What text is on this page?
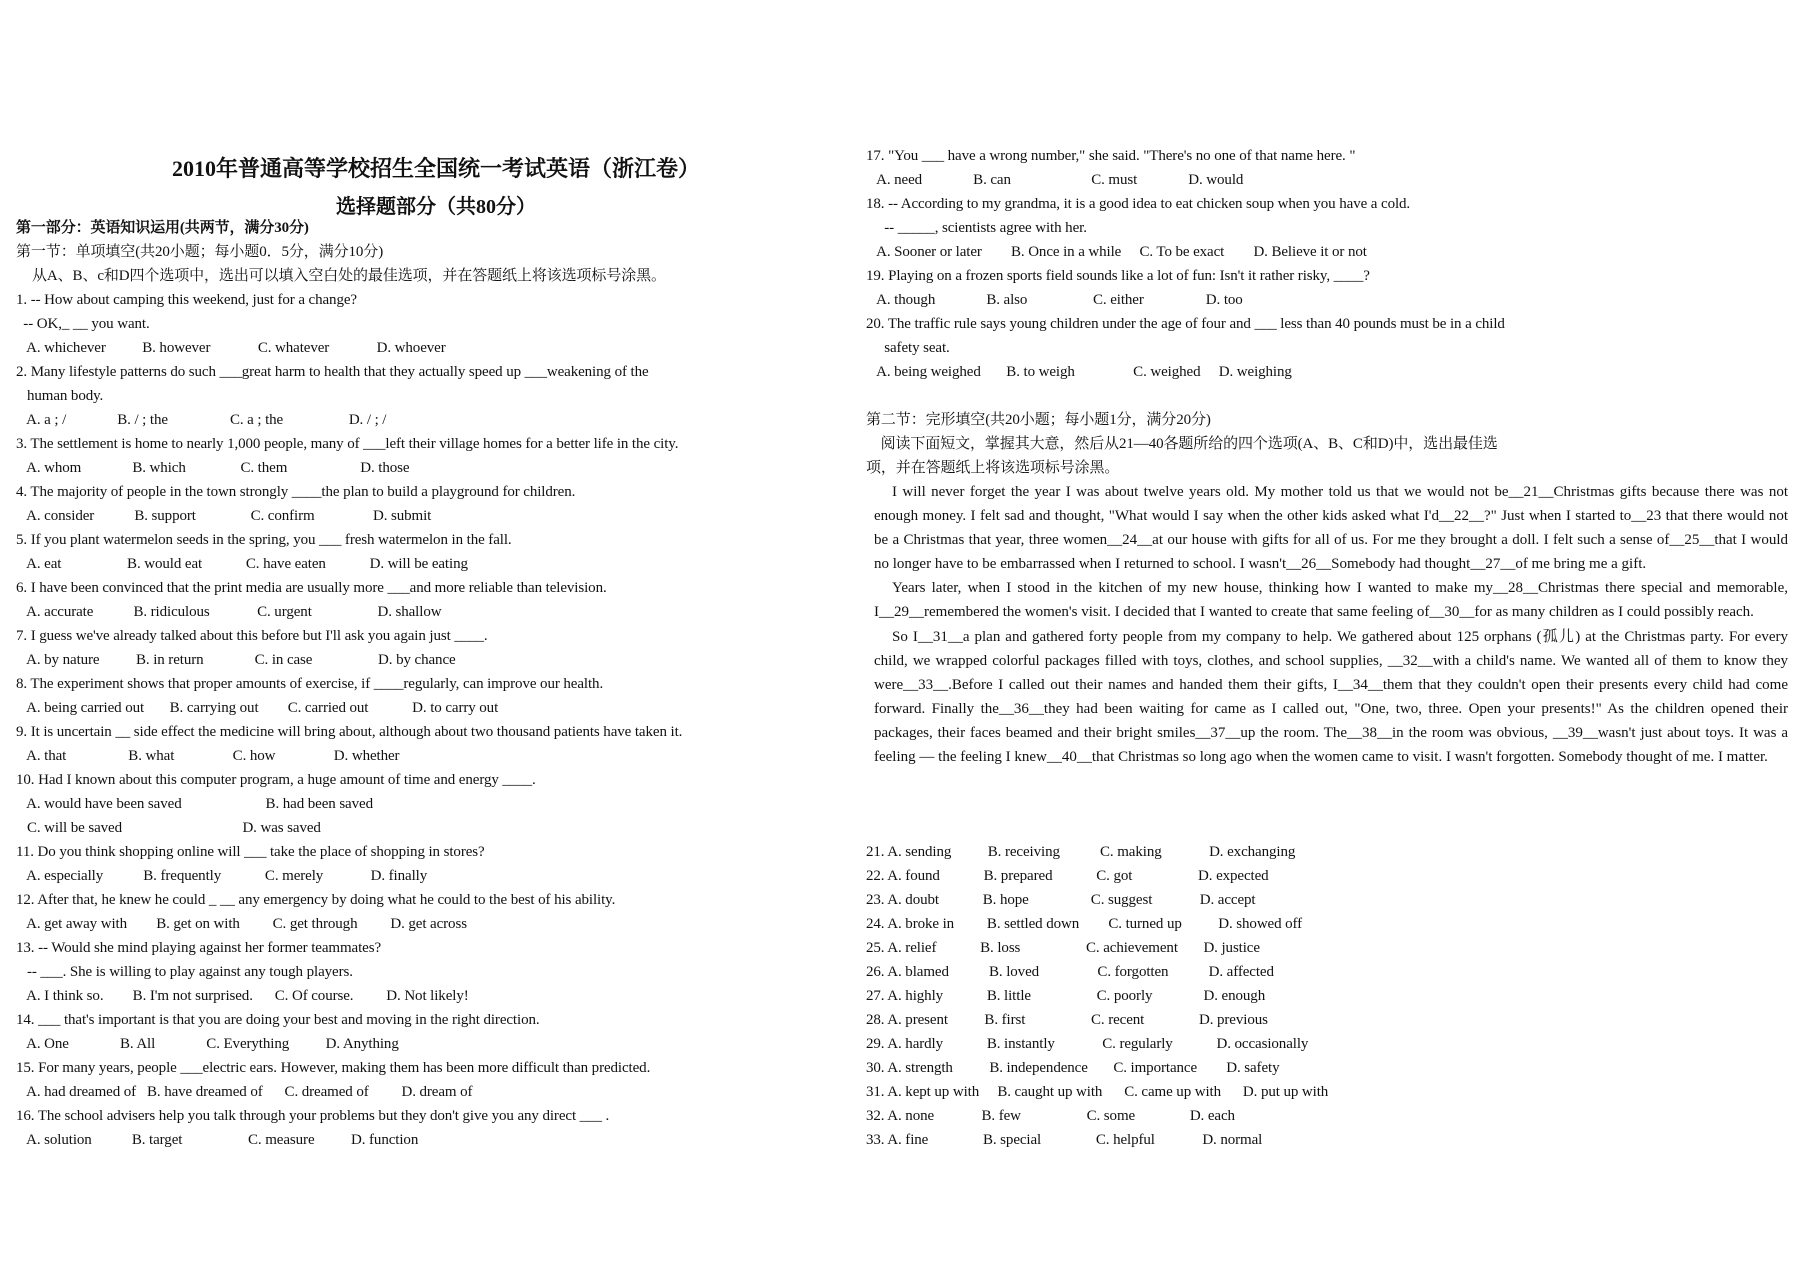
2010年普通高等学校招生全国统一考试英语（浙江卷）
选择题部分（共80分）
第一部分：英语知识运用(共两节，满分30分)
第一节：单项填空(共20小题；每小题0．5分，满分10分)
从A、B、c和D四个选项中，选出可以填入空白处的最佳选项，并在答题纸上将该选项标号涂黑。
1. -- How about camping this weekend, just for a change?
-- OK,_ __ you want.
A. whichever          B. however             C. whatever             D. whoever
2. Many lifestyle patterns do such ___great harm to health that they actually speed up ___weakening of the
human body.
A. a ; /              B. / ; the                 C. a ; the                  D. / ; /
3. The settlement is home to nearly 1,000 people, many of ___left their village homes for a better life in the city.
A. whom              B. which               C. them                    D. those
4. The majority of people in the town strongly ____the plan to build a playground for children.
A. consider           B. support               C. confirm                D. submit
5. If you plant watermelon seeds in the spring, you ___ fresh watermelon in the fall.
A. eat                  B. would eat            C. have eaten            D. will be eating
6. I have been convinced that the print media are usually more ___and more reliable than television.
A. accurate           B. ridiculous             C. urgent                  D. shallow
7. I guess we've already talked about this before but I'll ask you again just ____.
A. by nature          B. in return              C. in case                  D. by chance
8. The experiment shows that proper amounts of exercise, if ____regularly, can improve our health.
A. being carried out       B. carrying out        C. carried out            D. to carry out
9. It is uncertain __ side effect the medicine will bring about, although about two thousand patients have taken it.
A. that                 B. what                C. how                D. whether
10. Had I known about this computer program, a huge amount of time and energy ____.
A. would have been saved                       B. had been saved
C. will be saved                                 D. was saved
11. Do you think shopping online will ___ take the place of shopping in stores?
A. especially           B. frequently            C. merely             D. finally
12. After that, he knew he could _ __ any emergency by doing what he could to the best of his ability.
A. get away with        B. get on with         C. get through         D. get across
13. -- Would she mind playing against her former teammates?
-- ___. She is willing to play against any tough players.
A. I think so.        B. I'm not surprised.      C. Of course.         D. Not likely!
14. ___ that's important is that you are doing your best and moving in the right direction.
A. One              B. All              C. Everything          D. Anything
15. For many years, people ___electric ears. However, making them has been more difficult than predicted.
A. had dreamed of   B. have dreamed of      C. dreamed of         D. dream of
16. The school advisers help you talk through your problems but they don't give you any direct ___ .
A. solution           B. target                  C. measure          D. function
17. "You ___ have a wrong number," she said. "There's no one of that name here. "
A. need              B. can                      C. must              D. would
18. -- According to my grandma, it is a good idea to eat chicken soup when you have a cold.
-- _____, scientists agree with her.
A. Sooner or later        B. Once in a while     C. To be exact        D. Believe it or not
19. Playing on a frozen sports field sounds like a lot of fun: Isn't it rather risky, ____?
A. though              B. also                  C. either                 D. too
20. The traffic rule says young children under the age of four and ___ less than 40 pounds must be in a child
safety seat.
A. being weighed       B. to weigh                C. weighed     D. weighing
第二节：完形填空(共20小题；每小题1分，满分20分)
阅读下面短文，掌握其大意，然后从21—40各题所给的四个选项(A、B、C和D)中，选出最佳选
项，并在答题纸上将该选项标号涂黑。

I will never forget the year I was about twelve years old. My mother told us that we would not be__21__Christmas gifts because there was not enough money. I felt sad and thought, "What would I say when the other kids asked what I'd__22__?" Just when I started to__23 that there would not be a Christmas that year, three women__24__at our house with gifts for all of us. For me they brought a doll. I felt such a sense of__25__that I would no longer have to be embarrassed when I returned to school. I wasn't__26__Somebody had thought__27__of me bring me a gift.

Years later, when I stood in the kitchen of my new house, thinking how I wanted to make my__28__Christmas there special and memorable, I__29__remembered the women's visit. I decided that I wanted to create that same feeling of__30__for as many children as I could possibly reach.

So I__31__a plan and gathered forty people from my company to help. We gathered about 125 orphans (孤儿) at the Christmas party. For every child, we wrapped colorful packages filled with toys, clothes, and school supplies, __32__with a child's name. We wanted all of them to know they were__33__.Before I called out their names and handed them their gifts, I__34__them that they couldn't open their presents every child had come forward. Finally the__36__they had been waiting for came as I called out, "One, two, three. Open your presents!" As the children opened their packages, their faces beamed and their bright smiles__37__up the room. The__38__in the room was obvious, __39__wasn't just about toys. It was a feeling — the feeling I knew__40__that Christmas so long ago when the women came to visit. I wasn't forgotten. Somebody thought of me. I matter.

21. A. sending          B. receiving           C. making             D. exchanging
22. A. found            B. prepared            C. got                  D. expected
23. A. doubt            B. hope                 C. suggest             D. accept
24. A. broke in         B. settled down        C. turned up          D. showed off
25. A. relief            B. loss                  C. achievement       D. justice
26. A. blamed           B. loved                C. forgotten           D. affected
27. A. highly            B. little                  C. poorly              D. enough
28. A. present          B. first                  C. recent               D. previous
29. A. hardly            B. instantly             C. regularly            D. occasionally
30. A. strength          B. independence       C. importance        D. safety
31. A. kept up with     B. caught up with      C. came up with      D. put up with
32. A. none             B. few                  C. some               D. each
33. A. fine               B. special               C. helpful             D. normal
